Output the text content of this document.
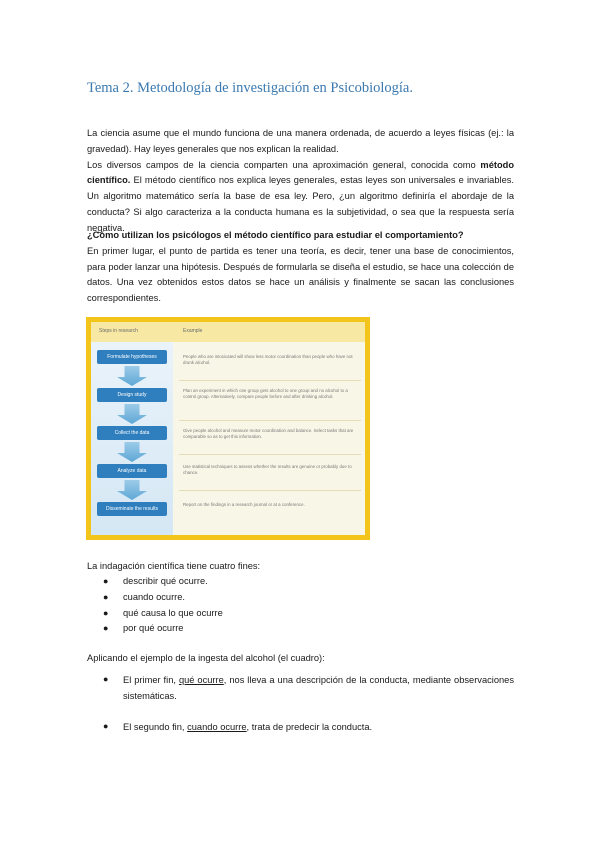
Tema 2. Metodología de investigación en Psicobiología.

La ciencia asume que el mundo funciona de una manera ordenada, de acuerdo a leyes físicas (ej.: la gravedad). Hay leyes generales que nos explican la realidad.

Los diversos campos de la ciencia comparten una aproximación general, conocida como método científico. El método científico nos explica leyes generales, estas leyes son universales e invariables. Un algoritmo matemático sería la base de esa ley. Pero, ¿un algoritmo definiría el abordaje de la conducta? Si algo caracteriza a la conducta humana es la subjetividad, o sea que la respuesta sería negativa.

¿Cómo utilizan los psicólogos el método científico para estudiar el comportamiento?

En primer lugar, el punto de partida es tener una teoría, es decir, tener una base de conocimientos, para poder lanzar una hipótesis. Después de formularla se diseña el estudio, se hace una colección de datos. Una vez obtenidos estos datos se hace un análisis y finalmente se sacan las conclusiones correspondientes.

Steps in research	Example
Formulate hypotheses
Design study
Collect the data
Analyze data
Disseminate the results
People who are intoxicated will show less motor coordination than people who have not drunk alcohol.
Plan an experiment in which one group gets alcohol to one group and no alcohol to a control group. Alternatively, compare people before and after drinking alcohol.
Give people alcohol and measure motor coordination and balance. Select tasks that are comparable so as to get this information.
Use statistical techniques to assess whether the results are genuine or probably due to chance.
Report on the findings in a research journal or at a conference.
La indagación científica tiene cuatro fines:
● describir qué ocurre.
● cuando ocurre.
● qué causa lo que ocurre
● por qué ocurre
Aplicando el ejemplo de la ingesta del alcohol (el cuadro):
● El primer fin, qué ocurre, nos lleva a una descripción de la conducta, mediante observaciones sistemáticas.

● El segundo fin, cuando ocurre, trata de predecir la conducta.
